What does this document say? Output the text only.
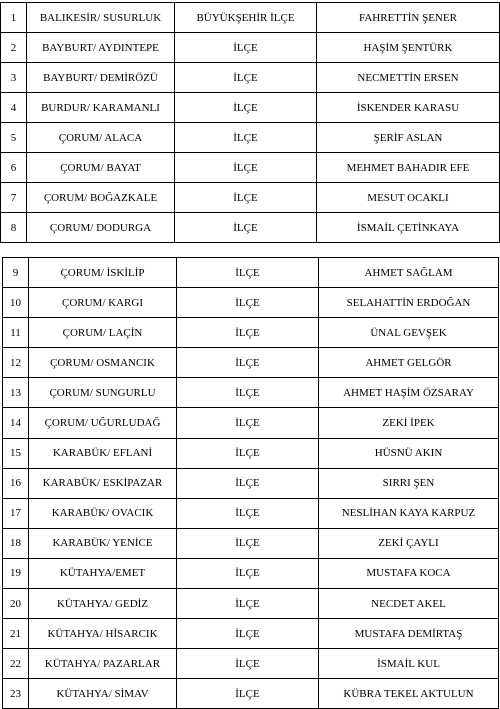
1	BALIKESİR/ SUSURLUK	BÜYÜKŞEHİR İLÇE	FAHRETTİN ŞENER
2	BAYBURT/ AYDINTEPE	İLÇE	HAŞİM ŞENTÜRK
3	BAYBURT/ DEMİRÖZÜ	İLÇE	NECMETTİN ERSEN
4	BURDUR/ KARAMANLI	İLÇE	İSKENDER KARASU
5	ÇORUM/ ALACA	İLÇE	ŞERİF ASLAN
6	ÇORUM/ BAYAT	İLÇE	MEHMET BAHADIR EFE
7	ÇORUM/ BOĞAZKALE	İLÇE	MESUT OCAKLI
8	ÇORUM/ DODURGA	İLÇE	İSMAİL ÇETİNKAYA
9	ÇORUM/ İSKİLİP	İLÇE	AHMET SAĞLAM
10	ÇORUM/ KARGI	İLÇE	SELAHATTİN ERDOĞAN
11	ÇORUM/ LAÇİN	İLÇE	ÜNAL GEVŞEK
12	ÇORUM/ OSMANCIK	İLÇE	AHMET GELGÖR
13	ÇORUM/ SUNGURLU	İLÇE	AHMET HAŞİM ÖZSARAY
14	ÇORUM/ UĞURLUDAĞ	İLÇE	ZEKİ İPEK
15	KARABÜK/ EFLANİ	İLÇE	HÜSNÜ AKIN
16	KARABÜK/ ESKİPAZAR	İLÇE	SIRRI ŞEN
17	KARABÜK/ OVACIK	İLÇE	NESLİHAN KAYA KARPUZ
18	KARABÜK/ YENİCE	İLÇE	ZEKİ ÇAYLI
19	KÜTAHYA/EMET	İLÇE	MUSTAFA KOCA
20	KÜTAHYA/ GEDİZ	İLÇE	NECDET AKEL
21	KÜTAHYA/ HİSARCIK	İLÇE	MUSTAFA DEMİRTAŞ
22	KÜTAHYA/ PAZARLAR	İLÇE	İSMAİL KUL
23	KÜTAHYA/ SİMAV	İLÇE	KÜBRA TEKEL AKTULUN
